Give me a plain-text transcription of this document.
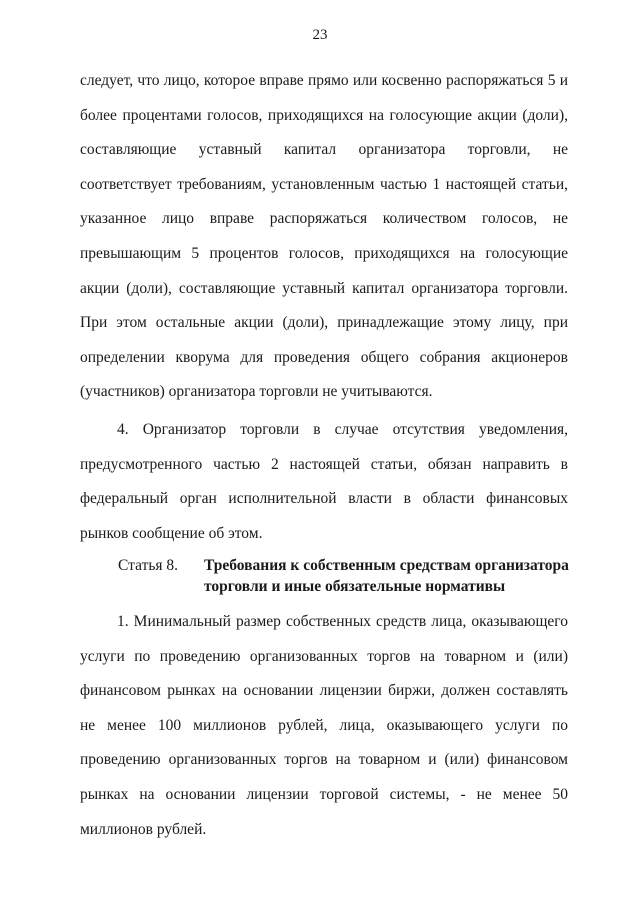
23

следует, что лицо, которое вправе прямо или косвенно распоряжаться 5 и более процентами голосов, приходящихся на голосующие акции (доли), составляющие уставный капитал организатора торговли, не соответствует требованиям, установленным частью 1 настоящей статьи, указанное лицо вправе распоряжаться количеством голосов, не превышающим 5 процентов голосов, приходящихся на голосующие акции (доли), составляющие уставный капитал организатора торговли. При этом остальные акции (доли), принадлежащие этому лицу, при определении кворума для проведения общего собрания акционеров (участников) организатора торговли не учитываются.

4. Организатор торговли в случае отсутствия уведомления, предусмотренного частью 2 настоящей статьи, обязан направить в федеральный орган исполнительной власти в области финансовых рынков сообщение об этом.

Статья 8. Требования к собственным средствам организатора торговли и иные обязательные нормативы

1. Минимальный размер собственных средств лица, оказывающего услуги по проведению организованных торгов на товарном и (или) финансовом рынках на основании лицензии биржи, должен составлять не менее 100 миллионов рублей, лица, оказывающего услуги по проведению организованных торгов на товарном и (или) финансовом рынках на основании лицензии торговой системы, - не менее 50 миллионов рублей.
